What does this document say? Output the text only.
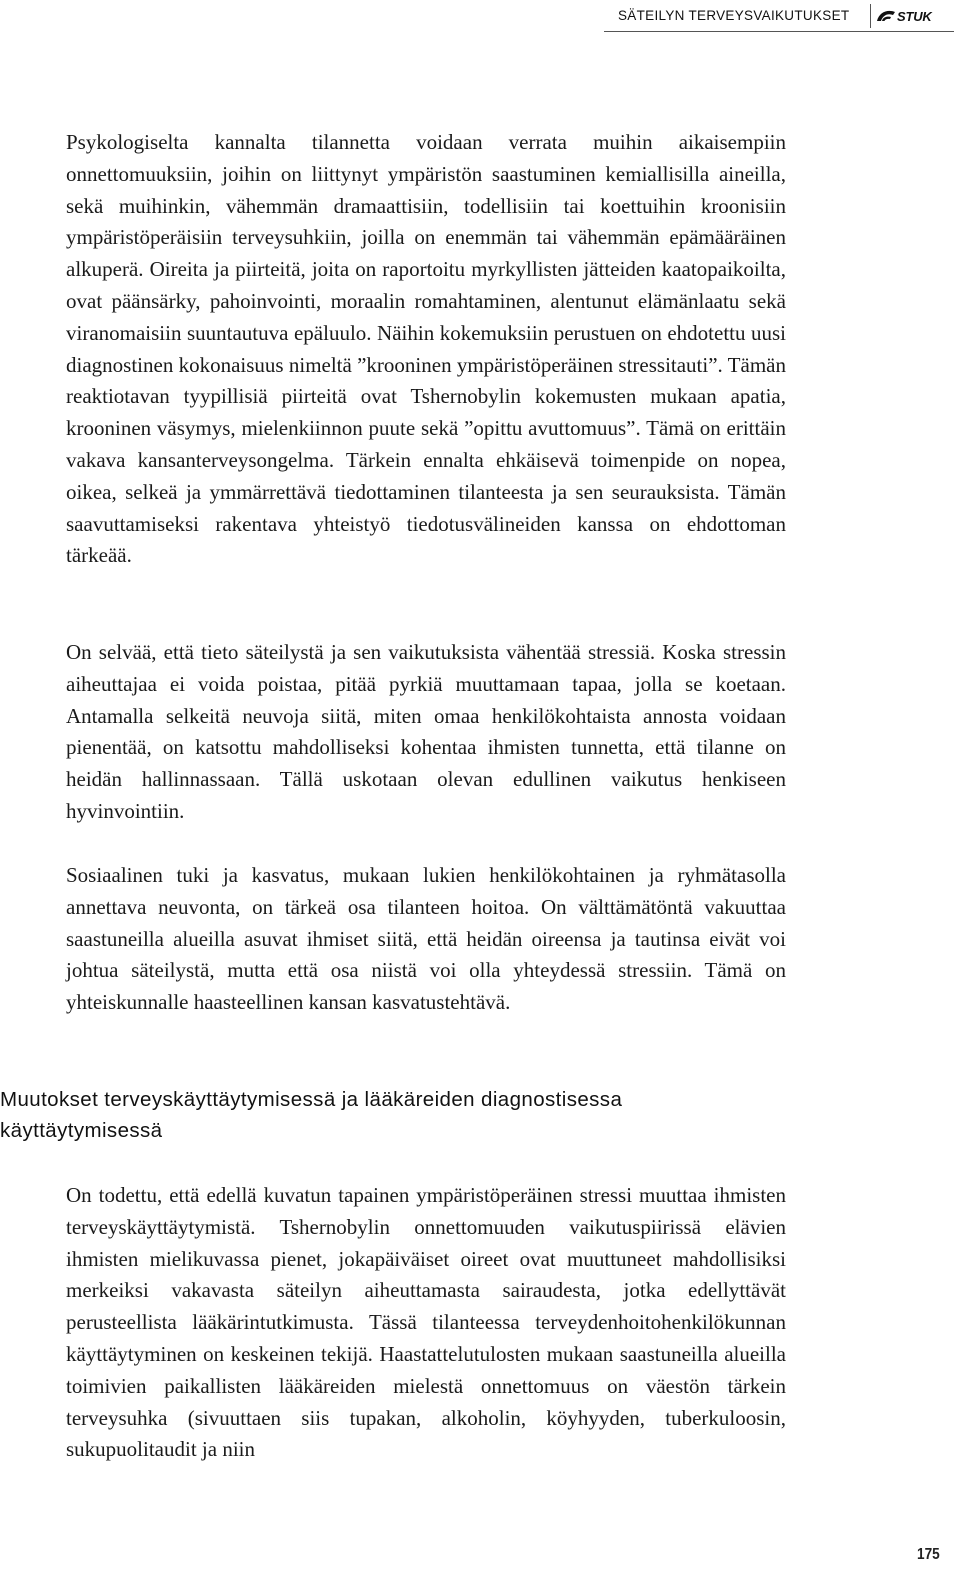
SÄTEILYN TERVEYSVAIKUTUKSET	STUK

Psykologiselta kannalta tilannetta voidaan verrata muihin aikaisempiin onnettomuuksiin, joihin on liittynyt ympäristön saastuminen kemiallisilla aineilla, sekä muihinkin, vähemmän dramaattisiin, todellisiin tai koettuihin kroonisiin ympäristöperäisiin terveysuhkiin, joilla on enemmän tai vähemmän epämääräinen alkuperä. Oireita ja piirteitä, joita on raportoitu myrkyllisten jätteiden kaatopaikoilta, ovat päänsärky, pahoinvointi, moraalin romahtaminen, alentunut elämänlaatu sekä viranomaisiin suuntautuva epäluulo. Näihin kokemuksiin perustuen on ehdotettu uusi diagnostinen kokonaisuus nimeltä ”krooninen ympäristöperäinen stressitauti”. Tämän reaktiotavan tyypillisiä piirteitä ovat Tshernobylin kokemusten mukaan apatia, krooninen väsymys, mielenkiinnon puute sekä ”opittu avuttomuus”. Tämä on erittäin vakava kansanterveysongelma. Tärkein ennalta ehkäisevä toimenpide on nopea, oikea, selkeä ja ymmärrettävä tiedottaminen tilanteesta ja sen seurauksista. Tämän saavuttamiseksi rakentava yhteistyö tiedotusvälineiden kanssa on ehdottoman tärkeää.

On selvää, että tieto säteilystä ja sen vaikutuksista vähentää stressiä. Koska stressin aiheuttajaa ei voida poistaa, pitää pyrkiä muuttamaan tapaa, jolla se koetaan. Antamalla selkeitä neuvoja siitä, miten omaa henkilökohtaista annosta voidaan pienentää, on katsottu mahdolliseksi kohentaa ihmisten tunnetta, että tilanne on heidän hallinnassaan. Tällä uskotaan olevan edullinen vaikutus henkiseen hyvinvointiin.

Sosiaalinen tuki ja kasvatus, mukaan lukien henkilökohtainen ja ryhmätasolla annettava neuvonta, on tärkeä osa tilanteen hoitoa. On välttämätöntä vakuuttaa saastuneilla alueilla asuvat ihmiset siitä, että heidän oireensa ja tautinsa eivät voi johtua säteilystä, mutta että osa niistä voi olla yhteydessä stressiin. Tämä on yhteiskunnalle haasteellinen kansan kasvatustehtävä.

Muutokset terveyskäyttäytymisessä ja lääkäreiden diagnostisessa käyttäytymisessä

On todettu, että edellä kuvatun tapainen ympäristöperäinen stressi muuttaa ihmisten terveyskäyttäytymistä. Tshernobylin onnettomuuden vaikutuspiirissä elävien ihmisten mielikuvassa pienet, jokapäiväiset oireet ovat muuttuneet mahdollisiksi merkeiksi vakavasta säteilyn aiheuttamasta sairaudesta, jotka edellyttävät perusteellista lääkärintutkimusta. Tässä tilanteessa terveydenhoitohenkilökunnan käyttäytyminen on keskeinen tekijä. Haastattelutulosten mukaan saastuneilla alueilla toimivien paikallisten lääkäreiden mielestä onnettomuus on väestön tärkein terveysuhka (sivuuttaen siis tupakan, alkoholin, köyhyyden, tuberkuloosin, sukupuolitaudit ja niin

175
